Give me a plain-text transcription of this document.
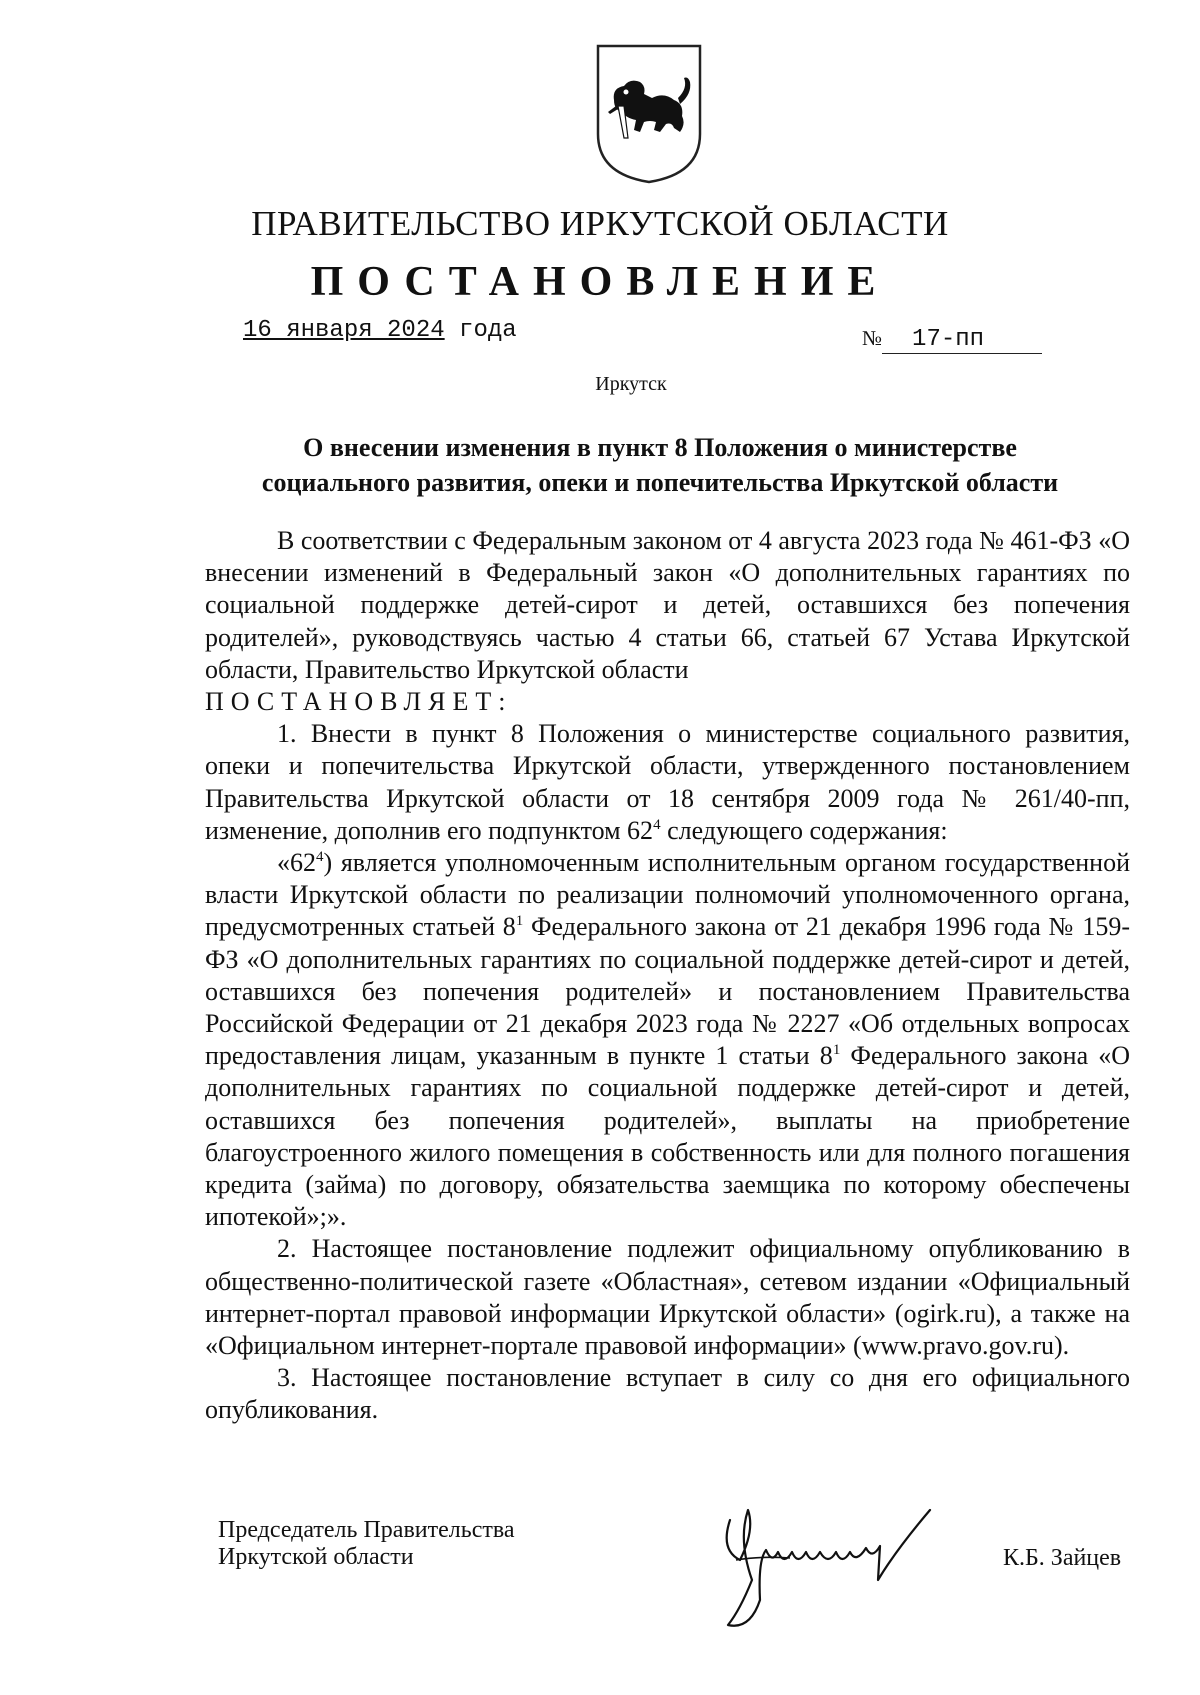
ПРАВИТЕЛЬСТВО ИРКУТСКОЙ ОБЛАСТИ
ПОСТАНОВЛЕНИЕ
16 января 2024 года	№ 17-пп
Иркутск
О внесении изменения в пункт 8 Положения о министерстве
социального развития, опеки и попечительства Иркутской области

В соответствии с Федеральным законом от 4 августа 2023 года № 461-ФЗ «О внесении изменений в Федеральный закон «О дополнительных гарантиях по социальной поддержке детей-сирот и детей, оставшихся без попечения родителей», руководствуясь частью 4 статьи 66, статьей 67 Устава Иркутской области, Правительство Иркутской области

ПОСТАНОВЛЯЕТ:

1. Внести в пункт 8 Положения о министерстве социального развития, опеки и попечительства Иркутской области, утвержденного постановлением Правительства Иркутской области от 18 сентября 2009 года № 261/40-пп, изменение, дополнив его подпунктом $62^4$ следующего содержания:

«$62^4$) является уполномоченным исполнительным органом государственной власти Иркутской области по реализации полномочий уполномоченного органа, предусмотренных статьей $8^1$ Федерального закона от 21 декабря 1996 года № 159-ФЗ «О дополнительных гарантиях по социальной поддержке детей-сирот и детей, оставшихся без попечения родителей» и постановлением Правительства Российской Федерации от 21 декабря 2023 года № 2227 «Об отдельных вопросах предоставления лицам, указанным в пункте 1 статьи $8^1$ Федерального закона «О дополнительных гарантиях по социальной поддержке детей-сирот и детей, оставшихся без попечения родителей», выплаты на приобретение благоустроенного жилого помещения в собственность или для полного погашения кредита (займа) по договору, обязательства заемщика по которому обеспечены ипотекой»;».

2. Настоящее постановление подлежит официальному опубликованию в общественно-политической газете «Областная», сетевом издании «Официальный интернет-портал правовой информации Иркутской области» (ogirk.ru), а также на «Официальном интернет-портале правовой информации» (www.pravo.gov.ru).

3. Настоящее постановление вступает в силу со дня его официального опубликования.

Председатель Правительства
Иркутской области	К.Б. Зайцев
